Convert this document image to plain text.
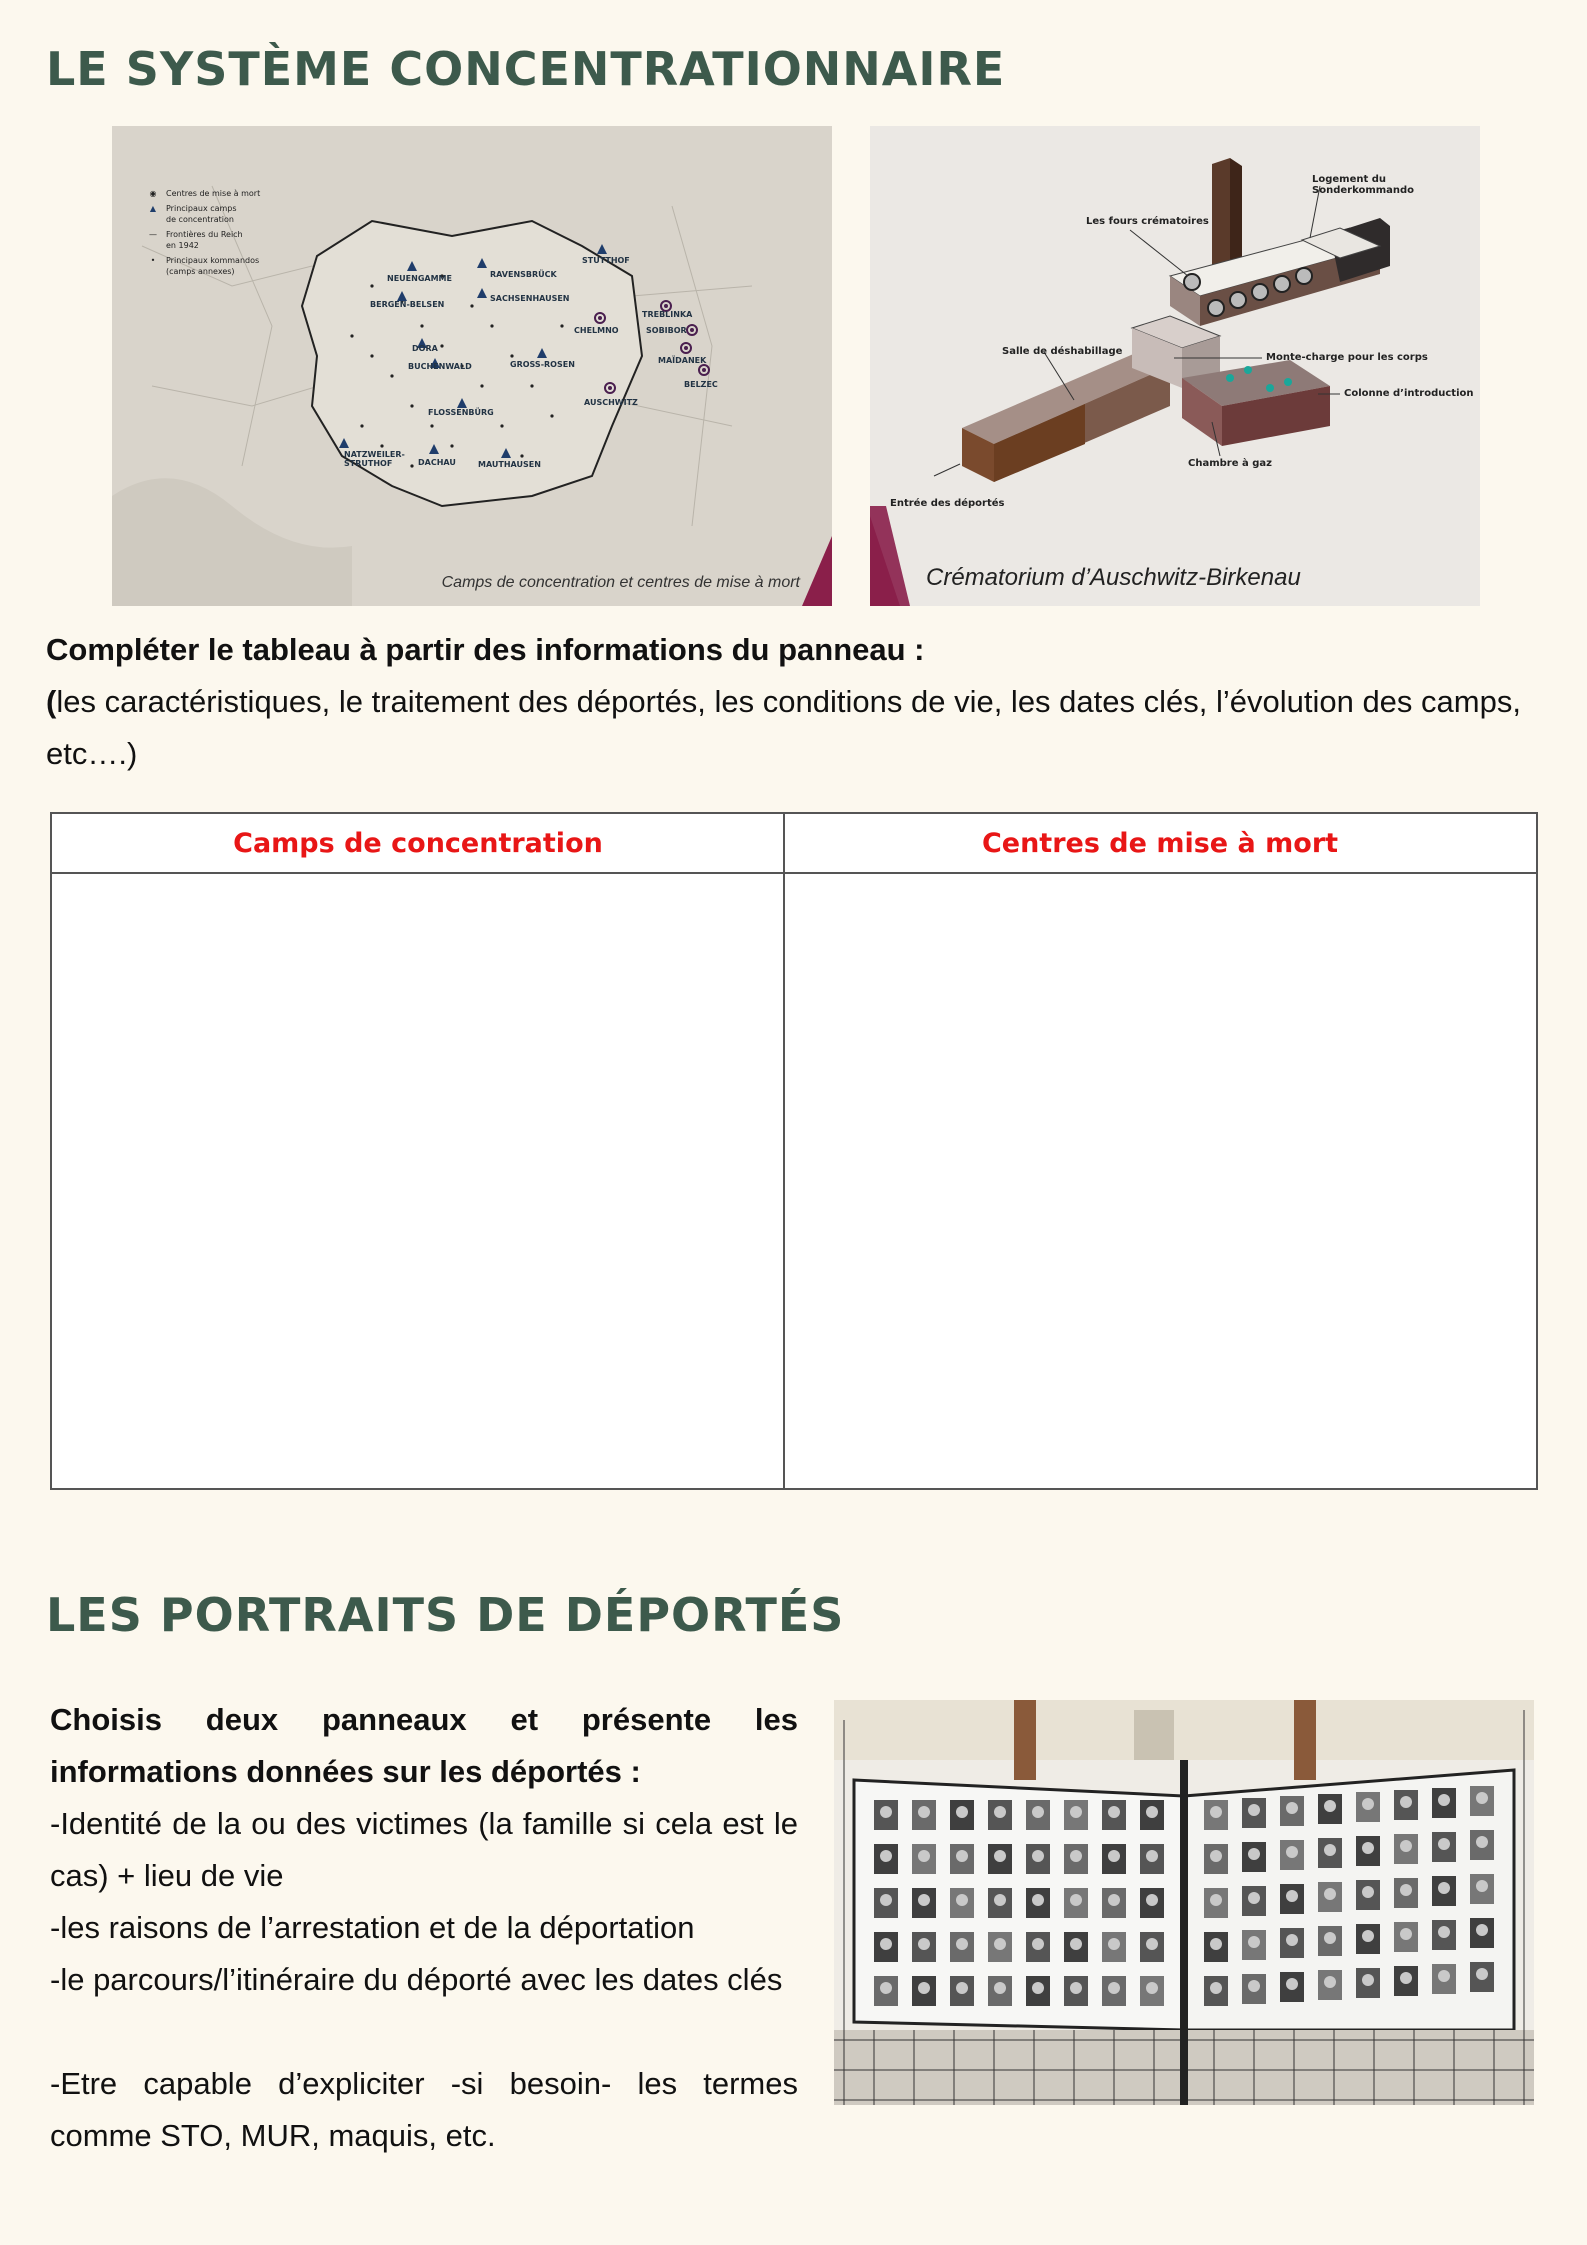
LE SYSTÈME CONCENTRATIONNAIRE
◉	Centres de mise à mort
▲	Principaux camps de concentration
—	Frontières du Reich en 1942
•	Principaux kommandos (camps annexes)
NEUENGAMME	RAVENSBRÜCK
STUTTHOF
BERGEN-BELSEN
SACHSENHAUSEN
DORA
BUCHENWALD	GROSS-ROSEN
FLOSSENBÜRG
NATZWEILER-STRUTHOF	DACHAU	MAUTHAUSEN
TREBLINKA
SOBIBOR
CHELMNO
MAÏDANEK
BELZEC
AUSCHWITZ
Camps de concentration et centres de mise à mort
Logement du Sonderkommando
Les fours crématoires
Salle de déshabillage
Monte-charge pour les corps
Colonne d’introduction
Chambre à gaz
Entrée des déportés
Crématorium d’Auschwitz-Birkenau

Compléter le tableau à partir des informations du panneau :

(les caractéristiques, le traitement des déportés, les conditions de vie, les dates clés, l’évolution des camps, etc….)

Camps de concentration	Centres de mise à mort
LES PORTRAITS DE DÉPORTÉS

Choisis deux panneaux et présente les informations données sur les déportés :

-Identité de la ou des victimes (la famille si cela est le cas) + lieu de vie

-les raisons de l’arrestation et de la déportation

-le parcours/l’itinéraire du déporté avec les dates clés

-Etre capable d’expliciter -si besoin- les termes comme STO, MUR, maquis, etc.
